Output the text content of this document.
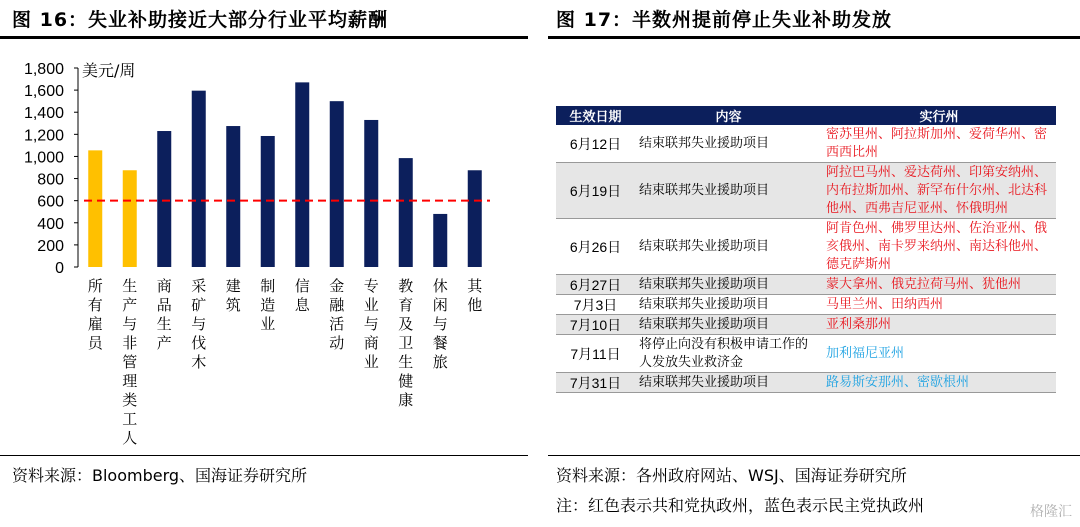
图 16：失业补助接近大部分行业平均薪酬
0
200
400
600
800
1,000
1,200
1,400
1,600
1,800 美元/周
所有雇员
生产与非管理类工人
商品生产
采矿与伐木
建筑
制造业
信息
金融活动
专业与商业
教育及卫生健康
休闲与餐旅
其他
资料来源：Bloomberg、国海证券研究所
图 17：半数州提前停止失业补助发放
生效日期	内容	实行州
6月12日	结束联邦失业援助项目	密苏里州、阿拉斯加州、爱荷华州、密西西比州
6月19日	结束联邦失业援助项目	阿拉巴马州、爱达荷州、印第安纳州、内布拉斯加州、新罕布什尔州、北达科他州、西弗吉尼亚州、怀俄明州
6月26日	结束联邦失业援助项目	阿肯色州、佛罗里达州、佐治亚州、俄亥俄州、南卡罗来纳州、南达科他州、德克萨斯州
6月27日	结束联邦失业援助项目	蒙大拿州、俄克拉荷马州、犹他州
7月3日	结束联邦失业援助项目	马里兰州、田纳西州
7月10日	结束联邦失业援助项目	亚利桑那州
7月11日	将停止向没有积极申请工作的人发放失业救济金	加利福尼亚州
7月31日	结束联邦失业援助项目	路易斯安那州、密歇根州
资料来源：各州政府网站、WSJ、国海证券研究所
注：红色表示共和党执政州，蓝色表示民主党执政州	格隆汇
